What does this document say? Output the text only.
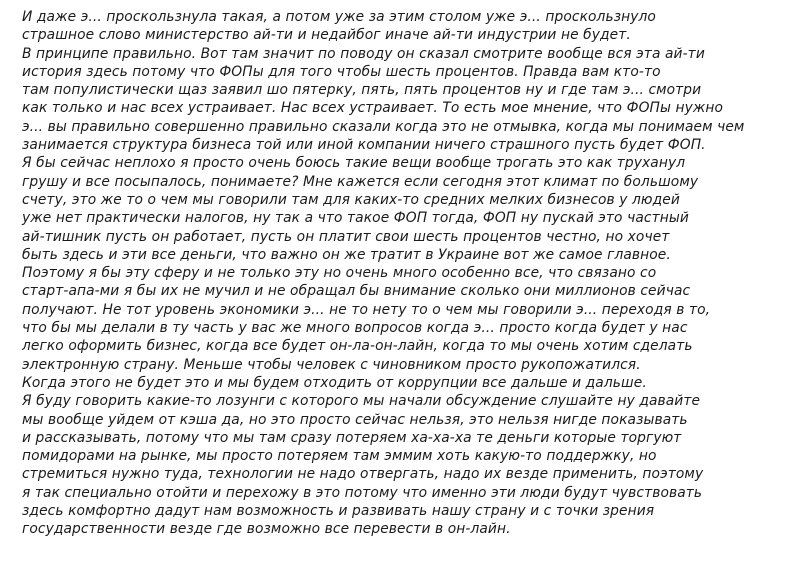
И даже э... проскользнула такая, а потом уже за этим столом уже э... проскользнуло
страшное слово министерство ай-ти и недайбог иначе ай-ти индустрии не будет.
В принципе правильно. Вот там значит по поводу он сказал смотрите вообще вся эта ай-ти
история здесь потому что ФОПы для того чтобы шесть процентов. Правда вам кто-то
там популистически щаз заявил шо пятерку, пять, пять процентов ну и где там э... смотри
как только и нас всех устраивает. Нас всех устраивает. То есть мое мнение, что ФОПы нужно
э... вы правильно совершенно правильно сказали когда это не отмывка, когда мы понимаем чем
занимается структура бизнеса той или иной компании ничего страшного пусть будет ФОП.
Я бы сейчас неплохо я просто очень боюсь такие вещи вообще трогать это как труханул
грушу и все посыпалось, понимаете? Мне кажется если сегодня этот климат по большому
счету, это же то о чем мы говорили там для каких-то средних мелких бизнесов у людей
уже нет практически налогов, ну так а что такое ФОП тогда, ФОП ну пускай это частный
ай-тишник пусть он работает, пусть он платит свои шесть процентов честно, но хочет
быть здесь и эти все деньги, что важно он же тратит в Украине вот же самое главное.
Поэтому я бы эту сферу и не только эту но очень много особенно все, что связано со
старт-апа-ми я бы их не мучил и не обращал бы внимание сколько они миллионов сейчас
получают. Не тот уровень экономики э... не то нету то о чем мы говорили э... переходя в то,
что бы мы делали в ту часть у вас же много вопросов когда э... просто когда будет у нас
легко оформить бизнес, когда все будет он-ла-он-лайн, когда то мы очень хотим сделать
электронную страну. Меньше чтобы человек с чиновником просто рукопожатился.
Когда этого не будет это и мы будем отходить от коррупции все дальше и дальше.
Я буду говорить какие-то лозунги с которого мы начали обсуждение слушайте ну давайте
мы вообще уйдем от кэша да, но это просто сейчас нельзя, это нельзя нигде показывать
и рассказывать, потому что мы там сразу потеряем ха-ха-ха те деньги которые торгуют
помидорами на рынке, мы просто потеряем там эммим хоть какую-то поддержку, но
стремиться нужно туда, технологии не надо отвергать, надо их везде применить, поэтому
я так специально отойти и перехожу в это потому что именно эти люди будут чувствовать
здесь комфортно дадут нам возможность и развивать нашу страну и с точки зрения
государственности везде где возможно все перевести в он-лайн.
